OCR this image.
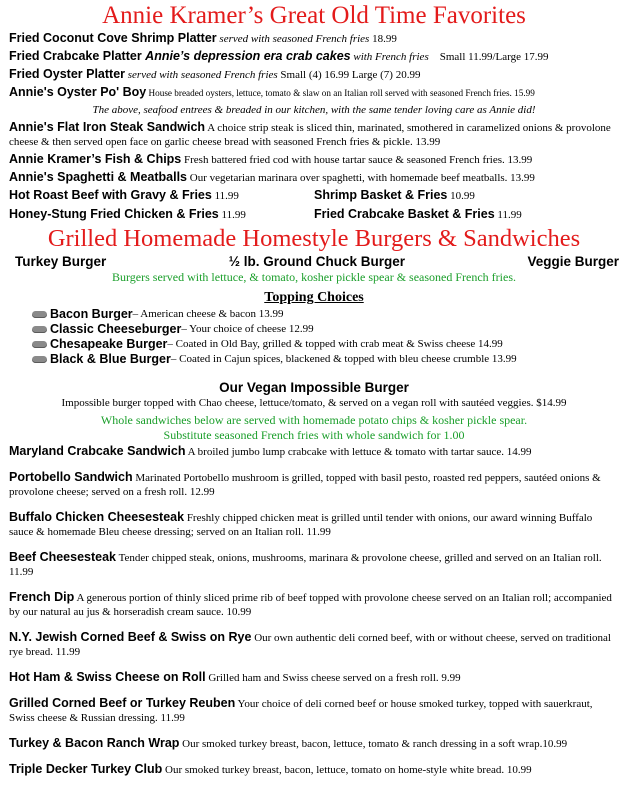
Annie Kramer’s Great Old Time Favorites

Fried Coconut Cove Shrimp Platter served with seasoned French fries 18.99

Fried Crabcake Platter Annie’s depression era crab cakes with French fries    Small 11.99/Large 17.99

Fried Oyster Platter served with seasoned French fries Small (4) 16.99 Large (7) 20.99

Annie's Oyster Po' Boy House breaded oysters, lettuce, tomato & slaw on an Italian roll served with seasoned French fries. 15.99

The above, seafood entrees & breaded in our kitchen, with the same tender loving care as Annie did!

Annie's Flat Iron Steak Sandwich A choice strip steak is sliced thin, marinated, smothered in caramelized onions & provolone cheese & then served open face on garlic cheese bread with seasoned French fries & pickle. 13.99

Annie Kramer’s Fish & Chips Fresh battered fried cod with house tartar sauce & seasoned French fries. 13.99

Annie's Spaghetti & Meatballs Our vegetarian marinara over spaghetti, with homemade beef meatballs. 13.99

Hot Roast Beef with Gravy & Fries 11.99	Shrimp Basket & Fries 10.99
Honey-Stung Fried Chicken & Fries 11.99	Fried Crabcake Basket & Fries 11.99
Grilled Homemade Homestyle Burgers & Sandwiches
Turkey Burger	½ lb. Ground Chuck Burger	Veggie Burger
Burgers served with lettuce, & tomato, kosher pickle spear & seasoned French fries.
Topping Choices
Bacon Burger – American cheese & bacon 13.99
Classic Cheeseburger – Your choice of cheese 12.99
Chesapeake Burger – Coated in Old Bay, grilled & topped with crab meat & Swiss cheese 14.99
Black & Blue Burger – Coated in Cajun spices, blackened & topped with bleu cheese crumble 13.99
Our Vegan Impossible Burger
Impossible burger topped with Chao cheese, lettuce/tomato, & served on a vegan roll with sautéed veggies. $14.99
Whole sandwiches below are served with homemade potato chips & kosher pickle spear.
Substitute seasoned French fries with whole sandwich for 1.00

Maryland Crabcake Sandwich A broiled jumbo lump crabcake with lettuce & tomato with tartar sauce. 14.99

Portobello Sandwich Marinated Portobello mushroom is grilled, topped with basil pesto, roasted red peppers, sautéed onions & provolone cheese; served on a fresh roll. 12.99

Buffalo Chicken Cheesesteak Freshly chipped chicken meat is grilled until tender with onions, our award winning Buffalo sauce & homemade Bleu cheese dressing; served on an Italian roll. 11.99

Beef Cheesesteak Tender chipped steak, onions, mushrooms, marinara & provolone cheese, grilled and served on an Italian roll. 11.99

French Dip A generous portion of thinly sliced prime rib of beef topped with provolone cheese served on an Italian roll; accompanied by our natural au jus & horseradish cream sauce. 10.99

N.Y. Jewish Corned Beef & Swiss on Rye Our own authentic deli corned beef, with or without cheese, served on traditional rye bread. 11.99

Hot Ham & Swiss Cheese on Roll Grilled ham and Swiss cheese served on a fresh roll. 9.99

Grilled Corned Beef or Turkey Reuben Your choice of deli corned beef or house smoked turkey, topped with sauerkraut, Swiss cheese & Russian dressing. 11.99

Turkey & Bacon Ranch Wrap Our smoked turkey breast, bacon, lettuce, tomato & ranch dressing in a soft wrap.10.99

Triple Decker Turkey Club Our smoked turkey breast, bacon, lettuce, tomato on home-style white bread. 10.99
